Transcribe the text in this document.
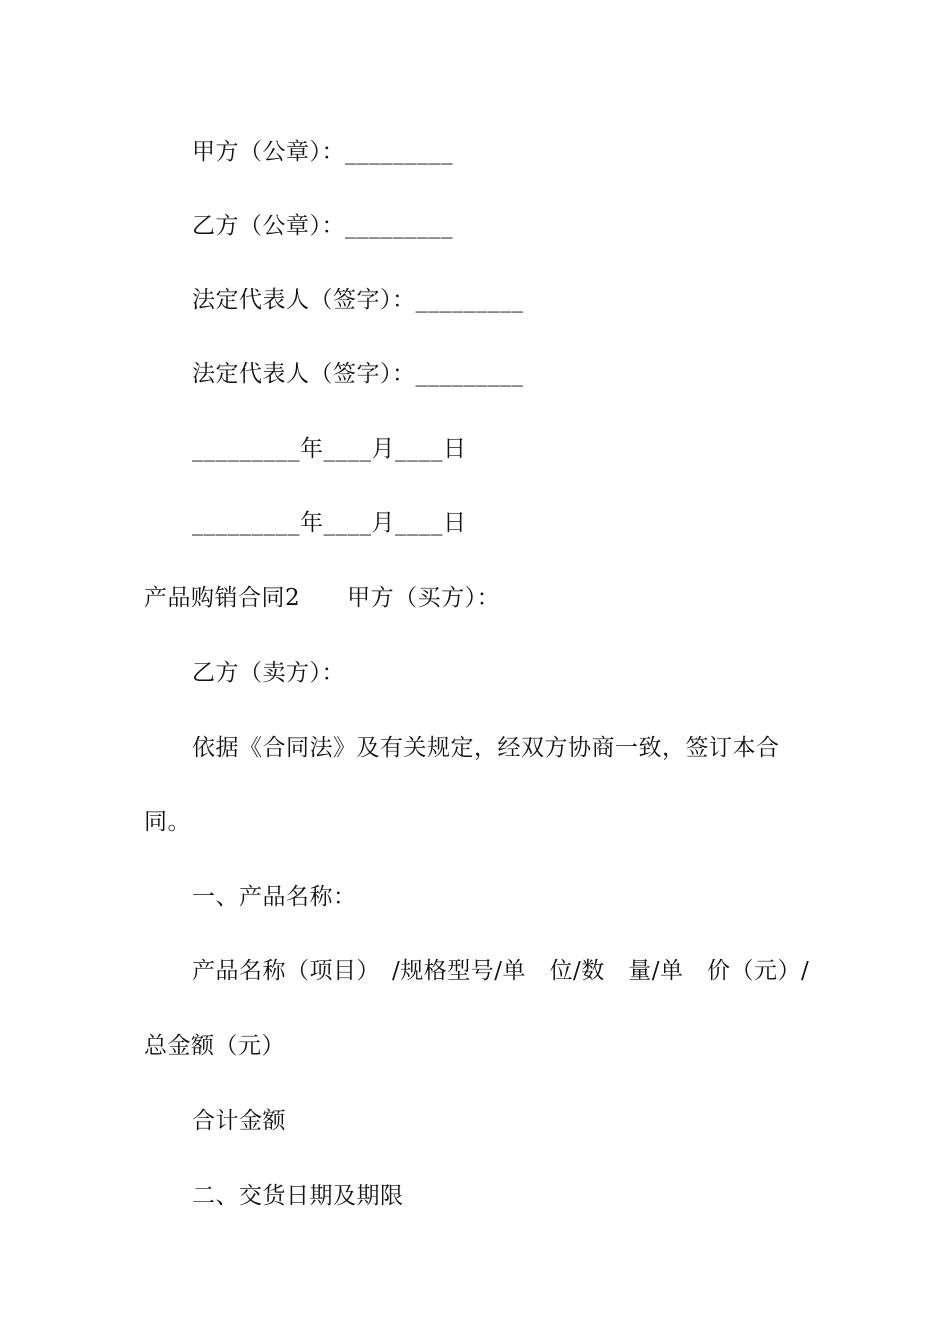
甲方（公章）：_________
乙方（公章）：_________
法定代表人（签字）：_________
法定代表人（签字）：_________
_________年____月____日
_________年____月____日
产品购销合同2　　甲方（买方）：
乙方（卖方）：
依据《合同法》及有关规定，经双方协商一致，签订本合
同。
一、产品名称：
产品名称（项目）　/规格型号/单　位/数　量/单　价（元）/
总金额（元）
合计金额
二、交货日期及期限
